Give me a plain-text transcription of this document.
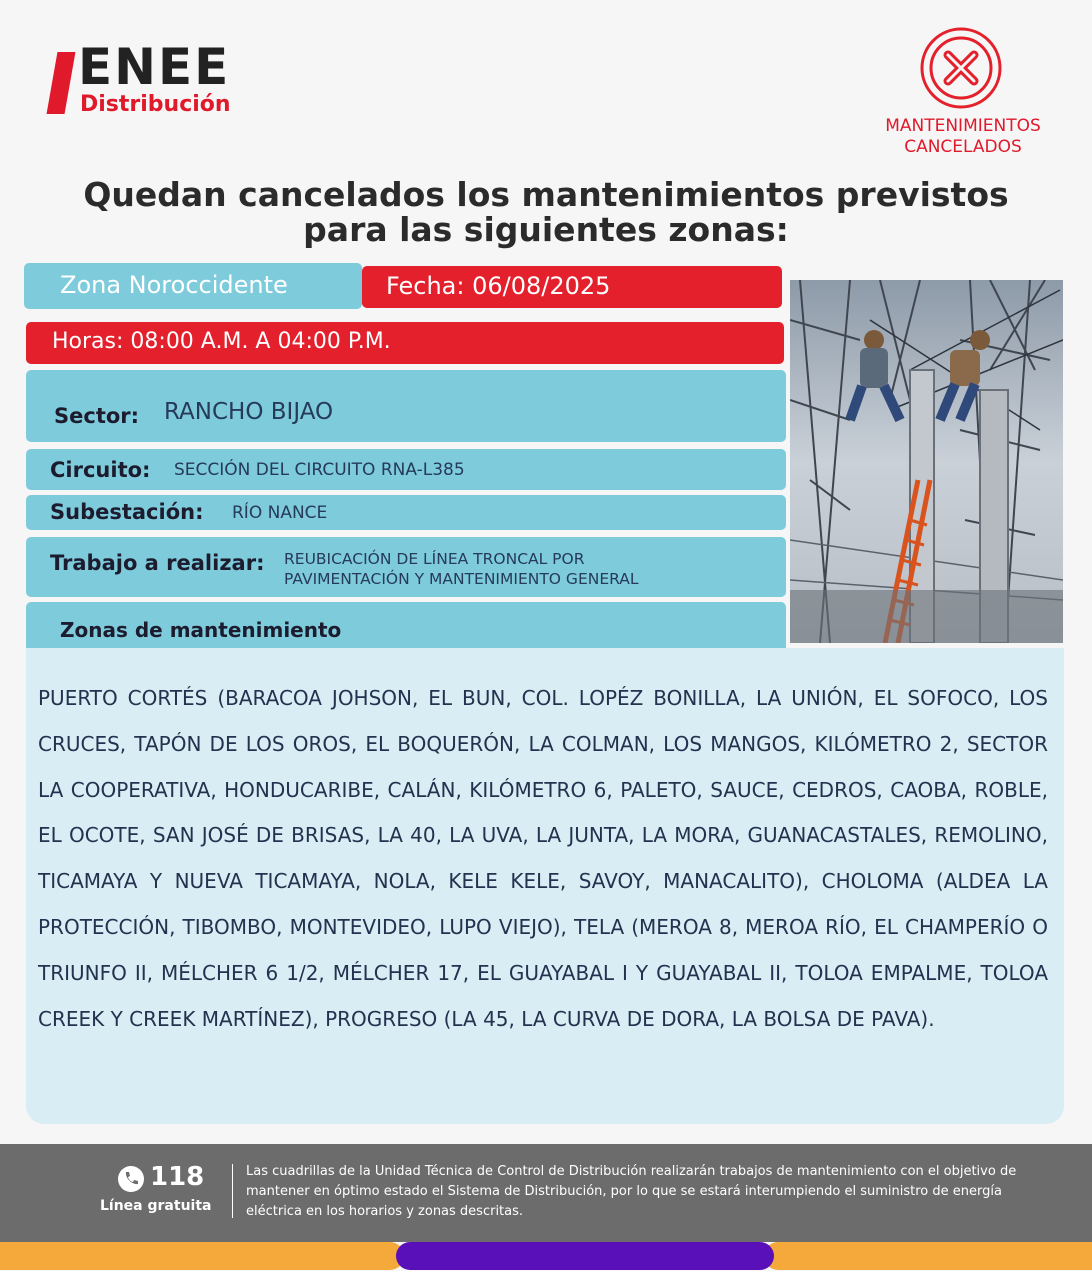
ENEE
Distribución
MANTENIMIENTOS
CANCELADOS
Quedan cancelados los mantenimientos previstos
para las siguientes zonas:
Zona Noroccidente	Fecha: 06/08/2025
Horas: 08:00 A.M. A 04:00 P.M.
Sector: RANCHO BIJAO
Circuito: SECCIÓN DEL CIRCUITO RNA-L385
Subestación: RÍO NANCE
Trabajo a realizar: REUBICACIÓN DE LÍNEA TRONCAL POR
PAVIMENTACIÓN Y MANTENIMIENTO GENERAL
Zonas de mantenimiento
PUERTO CORTÉS (BARACOA JOHSON, EL BUN, COL. LOPÉZ BONILLA, LA UNIÓN, EL SOFOCO, LOS CRUCES, TAPÓN DE LOS OROS, EL BOQUERÓN, LA COLMAN, LOS MANGOS, KILÓMETRO 2, SECTOR LA COOPERATIVA, HONDUCARIBE, CALÁN, KILÓMETRO 6, PALETO, SAUCE, CEDROS, CAOBA, ROBLE, EL OCOTE, SAN JOSÉ DE BRISAS, LA 40, LA UVA, LA JUNTA, LA MORA, GUANACASTALES, REMOLINO, TICAMAYA Y NUEVA TICAMAYA, NOLA, KELE KELE, SAVOY, MANACALITO), CHOLOMA (ALDEA LA PROTECCIÓN, TIBOMBO, MONTEVIDEO, LUPO VIEJO), TELA (MEROA 8, MEROA RÍO, EL CHAMPERÍO O TRIUNFO II, MÉLCHER 6 1/2, MÉLCHER 17, EL GUAYABAL I Y GUAYABAL II, TOLOA EMPALME, TOLOA CREEK Y CREEK MARTÍNEZ), PROGRESO (LA 45, LA CURVA DE DORA, LA BOLSA DE PAVA).
118
Línea gratuita
Las cuadrillas de la Unidad Técnica de Control de Distribución realizarán trabajos de mantenimiento con el objetivo de mantener en óptimo estado el Sistema de Distribución, por lo que se estará interumpiendo el suministro de energía eléctrica en los horarios y zonas descritas.
